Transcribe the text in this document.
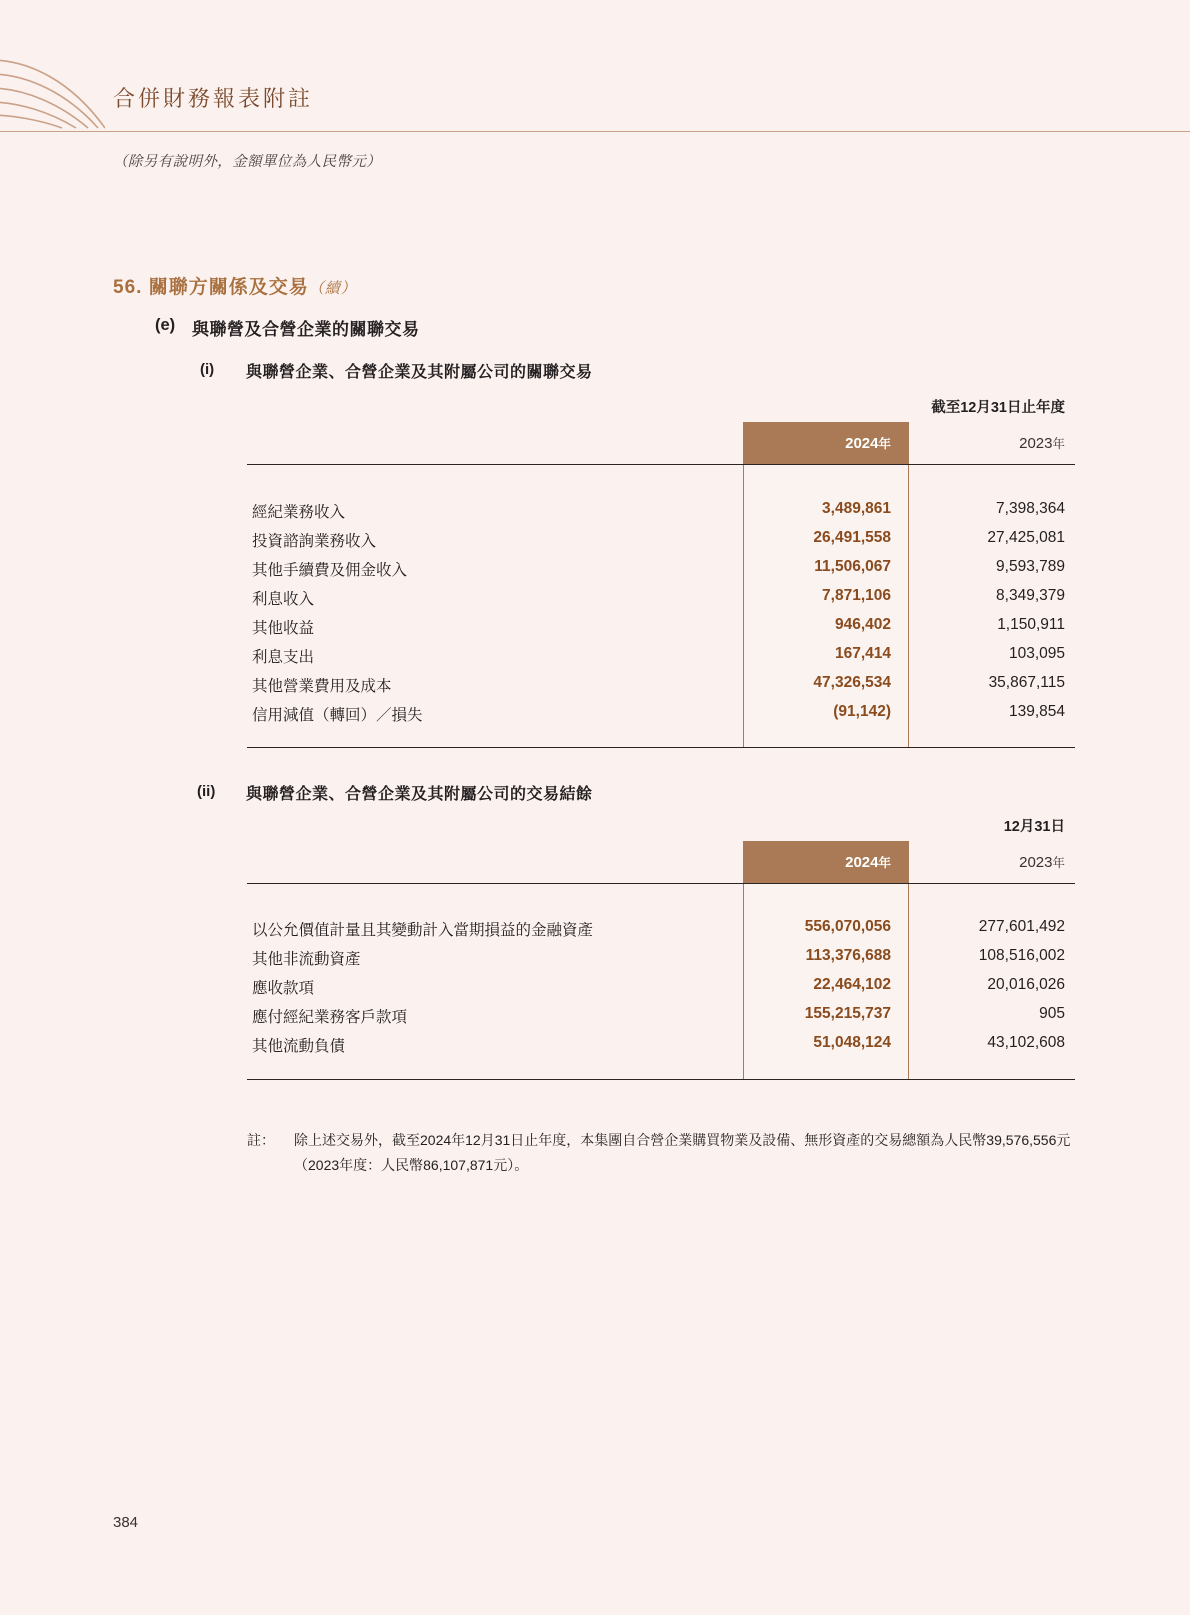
合併財務報表附註
（除另有說明外，金額單位為人民幣元）
56. 關聯方關係及交易（續）
(e) 與聯營及合營企業的關聯交易
(i) 與聯營企業、合營企業及其附屬公司的關聯交易
截至12月31日止年度
2024年	2023年
經紀業務收入	3,489,861	7,398,364
投資諮詢業務收入	26,491,558	27,425,081
其他手續費及佣金收入	11,506,067	9,593,789
利息收入	7,871,106	8,349,379
其他收益	946,402	1,150,911
利息支出	167,414	103,095
其他營業費用及成本	47,326,534	35,867,115
信用減值（轉回）／損失	(91,142)	139,854
(ii) 與聯營企業、合營企業及其附屬公司的交易結餘
12月31日
2024年	2023年
以公允價值計量且其變動計入當期損益的金融資產	556,070,056	277,601,492
其他非流動資產	113,376,688	108,516,002
應收款項	22,464,102	20,016,026
應付經紀業務客戶款項	155,215,737	905
其他流動負債	51,048,124	43,102,608
註： 除上述交易外，截至2024年12月31日止年度，本集團自合營企業購買物業及設備、無形資產的交易總額為人民幣39,576,556元（2023年度：人民幣86,107,871元）。
384
